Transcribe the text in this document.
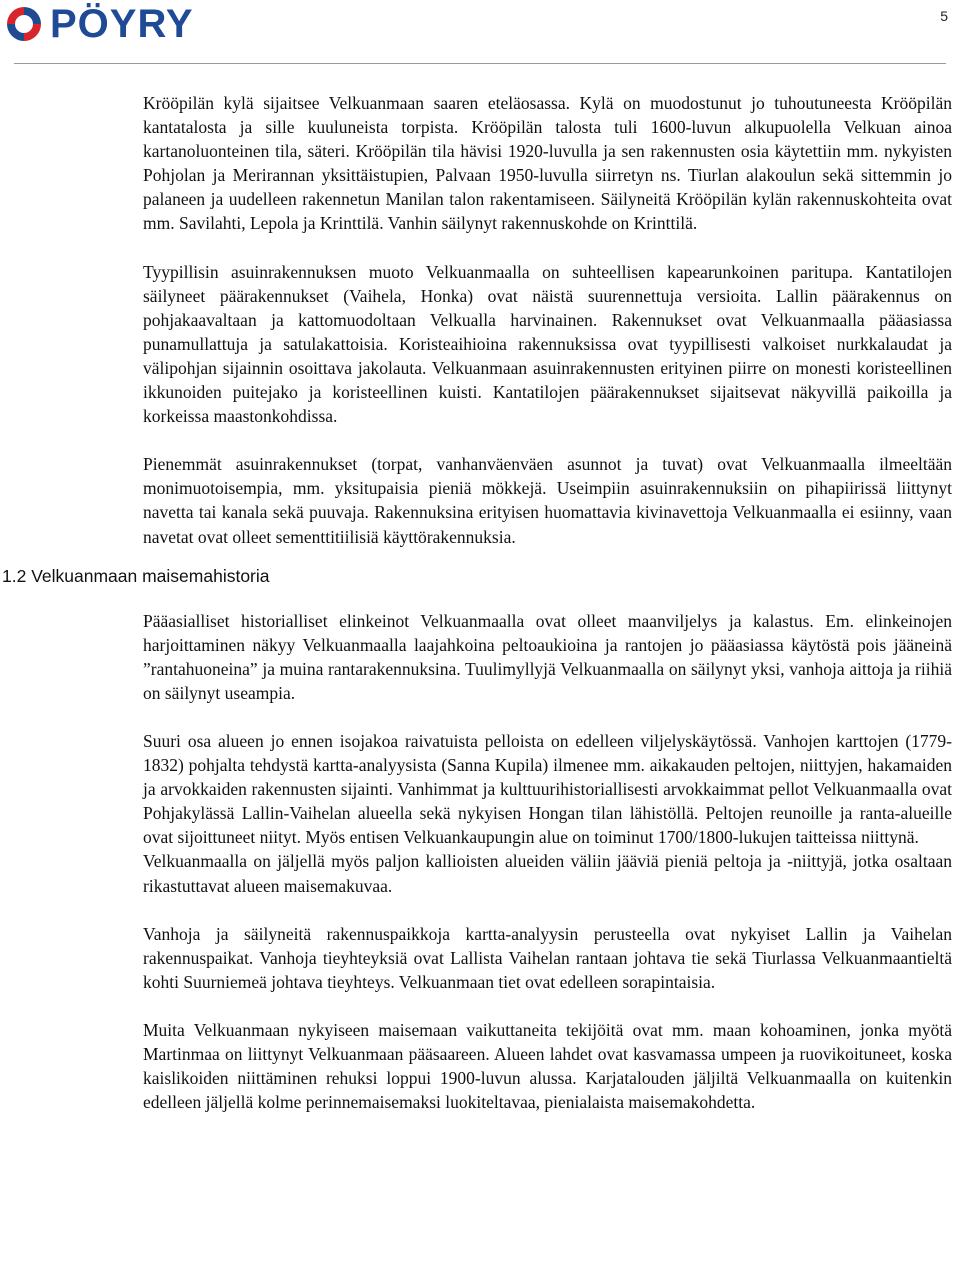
PÖYRY	5

Krööpilän kylä sijaitsee Velkuanmaan saaren eteläosassa. Kylä on muodostunut jo tuhoutuneesta Krööpilän kantatalosta ja sille kuuluneista torpista. Krööpilän talosta tuli 1600-luvun alkupuolella Velkuan ainoa kartanoluonteinen tila, säteri. Krööpilän tila hävisi 1920-luvulla ja sen rakennusten osia käytettiin mm. nykyisten Pohjolan ja Merirannan yksittäistupien, Palvaan 1950-luvulla siirretyn ns. Tiurlan alakoulun sekä sittemmin jo palaneen ja uudelleen rakennetun Manilan talon rakentamiseen. Säilyneitä Krööpilän kylän rakennuskohteita ovat mm. Savilahti, Lepola ja Krinttilä. Vanhin säilynyt rakennuskohde on Krinttilä.

Tyypillisin asuinrakennuksen muoto Velkuanmaalla on suhteellisen kapearunkoinen paritupa. Kantatilojen säilyneet päärakennukset (Vaihela, Honka) ovat näistä suurennettuja versioita. Lallin päärakennus on pohjakaavaltaan ja kattomuodoltaan Velkualla harvinainen. Rakennukset ovat Velkuanmaalla pääasiassa punamullattuja ja satulakattoisia. Koristeaihioina rakennuksissa ovat tyypillisesti valkoiset nurkkalaudat ja välipohjan sijainnin osoittava jakolauta. Velkuanmaan asuinrakennusten erityinen piirre on monesti koristeellinen ikkunoiden puitejako ja koristeellinen kuisti. Kantatilojen päärakennukset sijaitsevat näkyvillä paikoilla ja korkeissa maastonkohdissa.

Pienemmät asuinrakennukset (torpat, vanhanväenväen asunnot ja tuvat) ovat Velkuanmaalla ilmeeltään monimuotoisempia, mm. yksitupaisia pieniä mökkejä. Useimpiin asuinrakennuksiin on pihapiirissä liittynyt navetta tai kanala sekä puuvaja. Rakennuksina erityisen huomattavia kivinavettoja Velkuanmaalla ei esiinny, vaan navetat ovat olleet sementtitiilisiä käyttörakennuksia.

1.2 Velkuanmaan maisemahistoria

Pääasialliset historialliset elinkeinot Velkuanmaalla ovat olleet maanviljelys ja kalastus. Em. elinkeinojen harjoittaminen näkyy Velkuanmaalla laajahkoina peltoaukioina ja rantojen jo pääasiassa käytöstä pois jääneinä ”rantahuoneina” ja muina rantarakennuksina. Tuulimyllyjä Velkuanmaalla on säilynyt yksi, vanhoja aittoja ja riihiä on säilynyt useampia.

Suuri osa alueen jo ennen isojakoa raivatuista pelloista on edelleen viljelyskäytössä. Vanhojen karttojen (1779-1832) pohjalta tehdystä kartta-analyysista (Sanna Kupila) ilmenee mm. aikakauden peltojen, niittyjen, hakamaiden ja arvokkaiden rakennusten sijainti. Vanhimmat ja kulttuurihistoriallisesti arvokkaimmat pellot Velkuanmaalla ovat Pohjakylässä Lallin-Vaihelan alueella sekä nykyisen Hongan tilan lähistöllä. Peltojen reunoille ja ranta-alueille ovat sijoittuneet niityt. Myös entisen Velkuankaupungin alue on toiminut 1700/1800-lukujen taitteissa niittynä.

Velkuanmaalla on jäljellä myös paljon kallioisten alueiden väliin jääviä pieniä peltoja ja -niittyjä, jotka osaltaan rikastuttavat alueen maisemakuvaa.

Vanhoja ja säilyneitä rakennuspaikkoja kartta-analyysin perusteella ovat nykyiset Lallin ja Vaihelan rakennuspaikat. Vanhoja tieyhteyksiä ovat Lallista Vaihelan rantaan johtava tie sekä Tiurlassa Velkuanmaantieltä kohti Suurniemeä johtava tieyhteys. Velkuanmaan tiet ovat edelleen sorapintaisia.

Muita Velkuanmaan nykyiseen maisemaan vaikuttaneita tekijöitä ovat mm. maan kohoaminen, jonka myötä Martinmaa on liittynyt Velkuanmaan pääsaareen. Alueen lahdet ovat kasvamassa umpeen ja ruovikoituneet, koska kaislikoiden niittäminen rehuksi loppui 1900-luvun alussa. Karjatalouden jäljiltä Velkuanmaalla on kuitenkin edelleen jäljellä kolme perinnemaisemaksi luokiteltavaa, pienialaista maisemakohdetta.
